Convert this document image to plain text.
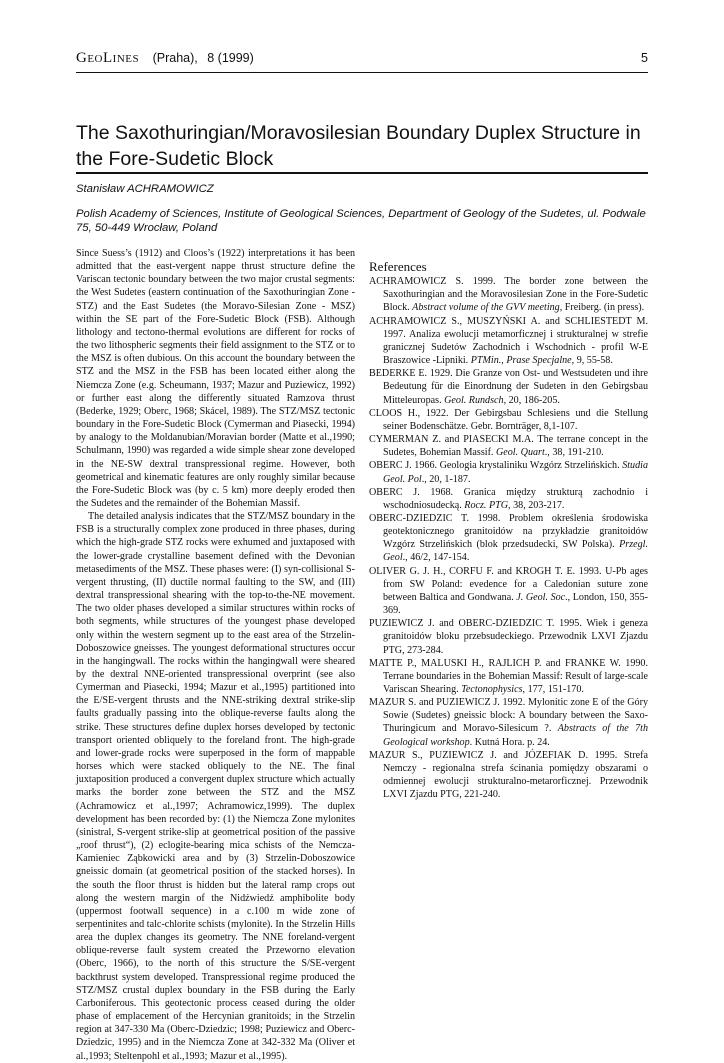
GeoLines (Praha), 8 (1999)	5
The Saxothuringian/Moravosilesian Boundary Duplex Structure in the Fore-Sudetic Block

Stanisław ACHRAMOWICZ

Polish Academy of Sciences, Institute of Geological Sciences, Department of Geology of the Sudetes, ul. Podwale 75, 50-449 Wrocław, Poland

Since Suess’s (1912) and Cloos’s (1922) interpretations it has been admitted that the east-vergent nappe thrust structure define the Variscan tectonic boundary between the two major crustal segments: the West Sudetes (eastern continuation of the Saxothuringian Zone - STZ) and the East Sudetes (the Moravo-Silesian Zone - MSZ) within the SE part of the Fore-Sudetic Block (FSB). Although lithology and tectono-thermal evolutions are different for rocks of the two lithospheric segments their field assignment to the STZ or to the MSZ is often dubious. On this account the boundary between the STZ and the MSZ in the FSB has been located either along the Niemcza Zone (e.g. Scheumann, 1937; Mazur and Puziewicz, 1992) or further east along the differently situated Ramzova thrust (Bederke, 1929; Oberc, 1968; Skácel, 1989). The STZ/MSZ tectonic boundary in the Fore-Sudetic Block (Cymerman and Piasecki, 1994) by analogy to the Moldanubian/Moravian border (Matte et al.,1990; Schulmann, 1990) was regarded a wide simple shear zone developed in the NE-SW dextral transpressional regime. However, both geometrical and kinematic features are only roughly similar because the Fore-Sudetic Block was (by c. 5 km) more deeply eroded then the Sudetes and the remainder of the Bohemian Massif.

The detailed analysis indicates that the STZ/MSZ boundary in the FSB is a structurally complex zone produced in three phases, during which the high-grade STZ rocks were exhumed and juxtaposed with the lower-grade crystalline basement defined with the Devonian metasediments of the MSZ. These phases were: (I) syn-collisional S-vergent thrusting, (II) ductile normal faulting to the SW, and (III) dextral transpressional shearing with the top-to-the-NE movement. The two older phases developed a similar structures within rocks of both segments, while structures of the youngest phase developed only within the western segment up to the east area of the Strzelin-Doboszowice gneisses. The youngest deformational structures occur in the hangingwall. The rocks within the hangingwall were sheared by the dextral NNE-oriented transpressional overprint (see also Cymerman and Piasecki, 1994; Mazur et al.,1995) partitioned into the E/SE-vergent thrusts and the NNE-striking dextral strike-slip faults gradually passing into the oblique-reverse faults along the strike. These structures define duplex horses developed by tectonic transport oriented obliquely to the foreland front. The high-grade and lower-grade rocks were superposed in the form of mappable horses which were stacked obliquely to the NE. The final juxtaposition produced a convergent duplex structure which actually marks the border zone between the STZ and the MSZ (Achramowicz et al.,1997; Achramowicz,1999). The duplex development has been recorded by: (1) the Niemcza Zone mylonites (sinistral, S-vergent strike-slip at geometrical position of the passive „roof thrust“), (2) eclogite-bearing mica schists of the Nemcza-Kamieniec Ząbkowicki area and by (3) Strzelin-Doboszowice gneissic domain (at geometrical position of the stacked horses). In the south the floor thrust is hidden but the lateral ramp crops out along the western margin of the Nidźwiedź amphibolite body (uppermost footwall sequence) in a c.100 m wide zone of serpentinites and talc-chlorite schists (mylonite). In the Strzelin Hills area the duplex changes its geometry. The NNE foreland-vergent oblique-reverse fault system created the Przeworno elevation (Oberc, 1966), to the north of this structure the S/SE-vergent backthrust system developed. Transpressional regime produced the STZ/MSZ crustal duplex boundary in the FSB during the Early Carboniferous. This geotectonic process ceased during the older phase of emplacement of the Hercynian granitoids; in the Strzelin region at 347-330 Ma (Oberc-Dziedzic; 1998; Puziewicz and Oberc-Dziedzic, 1995) and in the Niemcza Zone at 342-332 Ma (Oliver et al.,1993; Steltenpohl et al.,1993; Mazur et al.,1995).

References

ACHRAMOWICZ S. 1999. The border zone between the Saxothuringian and the Moravosilesian Zone in the Fore-Sudetic Block. Abstract volume of the GVV meeting, Freiberg. (in press).

ACHRAMOWICZ S., MUSZYŃSKI A. and SCHLIESTEDT M. 1997. Analiza ewolucji metamorficznej i strukturalnej w strefie granicznej Sudetów Zachodnich i Wschodnich - profil W-E Braszowice -Lipniki. PTMin., Prase Specjalne, 9, 55-58.

BEDERKE E. 1929. Die Granze von Ost- und Westsudeten und ihre Bedeutung für die Einordnung der Sudeten in den Gebirgsbau Mitteleuropas. Geol. Rundsch, 20, 186-205.

CLOOS H., 1922. Der Gebirgsbau Schlesiens und die Stellung seiner Bodenschätze. Gebr. Bornträger, 8,1-107.

CYMERMAN Z. and PIASECKI M.A. The terrane concept in the Sudetes, Bohemian Massif. Geol. Quart., 38, 191-210.

OBERC J. 1966. Geologia krystaliniku Wzgórz Strzelińskich. Studia Geol. Pol., 20, 1-187.

OBERC J. 1968. Granica między strukturą zachodnio i wschodniosudecką. Rocz. PTG, 38, 203-217.

OBERC-DZIEDZIC T. 1998. Problem określenia środowiska geotektonicznego granitoidów na przykładzie granitoidów Wzgórz Strzelińskich (blok przedsudecki, SW Polska). Przegl. Geol., 46/2, 147-154.

OLIVER G. J. H., CORFU F. and KROGH T. E. 1993. U-Pb ages from SW Poland: evedence for a Caledonian suture zone between Baltica and Gondwana. J. Geol. Soc., London, 150, 355-369.

PUZIEWICZ J. and OBERC-DZIEDZIC T. 1995. Wiek i geneza granitoidów bloku przebsudeckiego. Przewodnik LXVI Zjazdu PTG, 273-284.

MATTE P., MALUSKI H., RAJLICH P. and FRANKE W. 1990. Terrane boundaries in the Bohemian Massif: Result of large-scale Variscan Shearing. Tectonophysics, 177, 151-170.

MAZUR S. and PUZIEWICZ J. 1992. Mylonitic zone E of the Góry Sowie (Sudetes) gneissic block: A boundary between the Saxo-Thuringicum and Moravo-Silesicum ?. Abstracts of the 7th Geological workshop. Kutná Hora. p. 24.

MAZUR S., PUZIEWICZ J. and JÓZEFIAK D. 1995. Strefa Nemczy - regionalna strefa ścinania pomiędzy obszarami o odmiennej ewolucji strukturalno-metarorficznej. Przewodnik LXVI Zjazdu PTG, 221-240.
